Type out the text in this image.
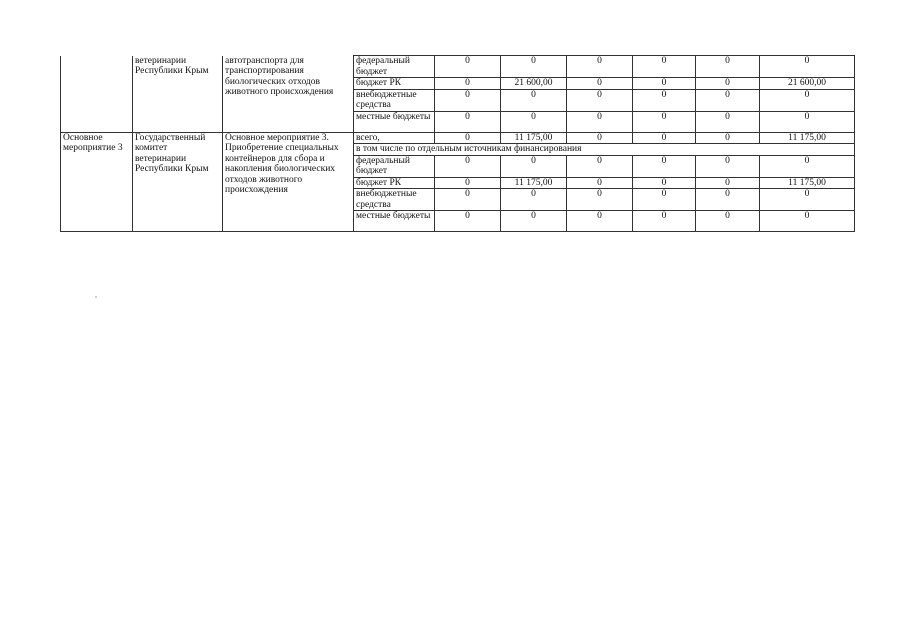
	ветеринарии Республики Крым	автотранспорта для транспортирования биологических отходов животного происхождения	федеральный бюджет	0	0	0	0	0	0
			бюджет РК	0	21 600,00	0	0	0	21 600,00
			внебюджетные средства	0	0	0	0	0	0
			местные бюджеты	0	0	0	0	0	0
Основное мероприятие 3	Государственный комитет ветеринарии Республики Крым	Основное мероприятие 3. Приобретение специальных контейнеров для сбора и накопления биологических отходов животного происхождения	всего,	0	11 175,00	0	0	0	11 175,00
			в том числе по отдельным источникам финансирования						
			федеральный бюджет	0	0	0	0	0	0
			бюджет РК	0	11 175,00	0	0	0	11 175,00
			внебюджетные средства	0	0	0	0	0	0
			местные бюджеты	0	0	0	0	0	0
